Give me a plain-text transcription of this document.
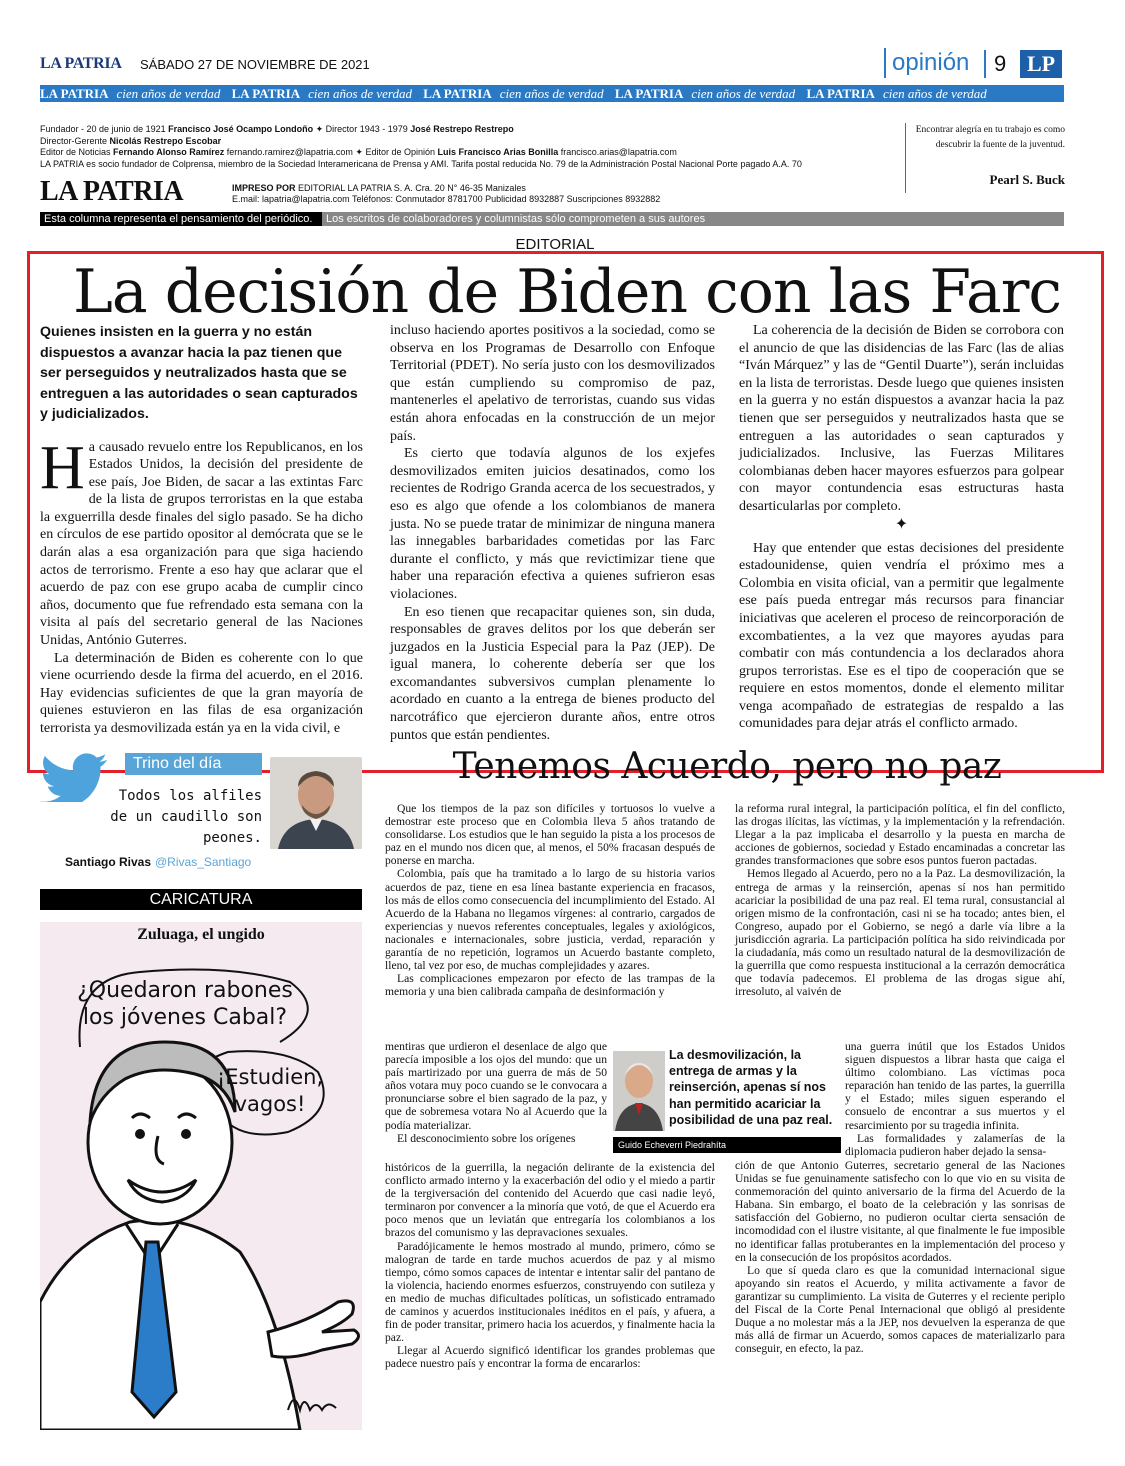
LA PATRIA SÁBADO 27 DE NOVIEMBRE DE 2021	opinión	9 LP
LA PATRIA cien años de verdad LA PATRIA cien años de verdad LA PATRIA cien años de verdad LA PATRIA cien años de verdad LA PATRIA cien años de verdad
Fundador - 20 de junio de 1921 Francisco José Ocampo Londoño ✦ Director 1943 - 1979 José Restrepo Restrepo
Director-Gerente Nicolás Restrepo Escobar
Editor de Noticias Fernando Alonso Ramírez fernando.ramirez@lapatria.com ✦ Editor de Opinión Luis Francisco Arias Bonilla francisco.arias@lapatria.com
LA PATRIA es socio fundador de Colprensa, miembro de la Sociedad Interamericana de Prensa y AMI. Tarifa postal reducida No. 79 de la Administración Postal Nacional Porte pagado A.A. 70
Encontrar alegría en tu trabajo es como descubrir la fuente de la juventud.
Pearl S. Buck
LA PATRIA	IMPRESO POR EDITORIAL LA PATRIA S. A. Cra. 20 N° 46-35 Manizales
E.mail: lapatria@lapatria.com Teléfonos: Conmutador 8781700 Publicidad 8932887 Suscripciones 8932882
Esta columna representa el pensamiento del periódico.	Los escritos de colaboradores y columnistas sólo comprometen a sus autores
EDITORIAL
La decisión de Biden con las Farc
Quienes insisten en la guerra y no están dispuestos a avanzar hacia la paz tienen que ser perseguidos y neutralizados hasta que se entreguen a las autoridades o sean capturados y judicializados.
Ha causado revuelo entre los Republicanos, en los Estados Unidos, la decisión del presidente de ese país, Joe Biden, de sacar a las extintas Farc de la lista de grupos terroristas en la que estaba la exguerrilla desde finales del siglo pasado. Se ha dicho en círculos de ese partido opositor al demócrata que se le darán alas a esa organización para que siga haciendo actos de terrorismo. Frente a eso hay que aclarar que el acuerdo de paz con ese grupo acaba de cumplir cinco años, documento que fue refrendado esta semana con la visita al país del secretario general de las Naciones Unidas, António Guterres.
La determinación de Biden es coherente con lo que viene ocurriendo desde la firma del acuerdo, en el 2016. Hay evidencias suficientes de que la gran mayoría de quienes estuvieron en las filas de esa organización terrorista ya desmovilizada están ya en la vida civil, e
incluso haciendo aportes positivos a la sociedad, como se observa en los Programas de Desarrollo con Enfoque Territorial (PDET). No sería justo con los desmovilizados que están cumpliendo su compromiso de paz, mantenerles el apelativo de terroristas, cuando sus vidas están ahora enfocadas en la construcción de un mejor país.
Es cierto que todavía algunos de los exjefes desmovilizados emiten juicios desatinados, como los recientes de Rodrigo Granda acerca de los secuestrados, y eso es algo que ofende a los colombianos de manera justa. No se puede tratar de minimizar de ninguna manera las innegables barbaridades cometidas por las Farc durante el conflicto, y más que revictimizar tiene que haber una reparación efectiva a quienes sufrieron esas violaciones.
En eso tienen que recapacitar quienes son, sin duda, responsables de graves delitos por los que deberán ser juzgados en la Justicia Especial para la Paz (JEP). De igual manera, lo coherente debería ser que los excomandantes subversivos cumplan plenamente lo acordado en cuanto a la entrega de bienes producto del narcotráfico que ejercieron durante años, entre otros puntos que están pendientes.
La coherencia de la decisión de Biden se corrobora con el anuncio de que las disidencias de las Farc (las de alias “Iván Márquez” y las de “Gentil Duarte”), serán incluidas en la lista de terroristas. Desde luego que quienes insisten en la guerra y no están dispuestos a avanzar hacia la paz tienen que ser perseguidos y neutralizados hasta que se entreguen a las autoridades o sean capturados y judicializados. Inclusive, las Fuerzas Militares colombianas deben hacer mayores esfuerzos para golpear con mayor contundencia esas estructuras hasta desarticularlas por completo.
✦
Hay que entender que estas decisiones del presidente estadounidense, quien vendría el próximo mes a Colombia en visita oficial, van a permitir que legalmente ese país pueda entregar más recursos para financiar iniciativas que aceleren el proceso de reincorporación de excombatientes, a la vez que mayores ayudas para combatir con más contundencia a los declarados ahora grupos terroristas. Ese es el tipo de cooperación que se requiere en estos momentos, donde el elemento militar venga acompañado de estrategias de respaldo a las comunidades para dejar atrás el conflicto armado.
Trino del día
Todos los alfiles de un caudillo son peones.
Santiago Rivas @Rivas_Santiago
CARICATURA
Zuluaga, el ungido
¿Quedaron rabones los jóvenes Cabal?
¡Estudien, vagos!
Tenemos Acuerdo, pero no paz
Que los tiempos de la paz son difíciles y tortuosos lo vuelve a demostrar este proceso que en Colombia lleva 5 años tratando de consolidarse. Los estudios que le han seguido la pista a los procesos de paz en el mundo nos dicen que, al menos, el 50% fracasan después de ponerse en marcha.
Colombia, país que ha tramitado a lo largo de su historia varios acuerdos de paz, tiene en esa línea bastante experiencia en fracasos, los más de ellos como consecuencia del incumplimiento del Estado. Al Acuerdo de la Habana no llegamos vírgenes: al contrario, cargados de experiencias y nuevos referentes conceptuales, legales y axiológicos, nacionales e internacionales, sobre justicia, verdad, reparación y garantía de no repetición, logramos un Acuerdo bastante completo, lleno, tal vez por eso, de muchas complejidades y azares.
Las complicaciones empezaron por efecto de las trampas de la memoria y una bien calibrada campaña de desinformación y
mentiras que urdieron el desenlace de algo que parecía imposible a los ojos del mundo: que un país martirizado por una guerra de más de 50 años votara muy poco cuando se le convocara a pronunciarse sobre el bien sagrado de la paz, y que de sobremesa votara No al Acuerdo que la podía materializar.
El desconocimiento sobre los orígenes
históricos de la guerrilla, la negación delirante de la existencia del conflicto armado interno y la exacerbación del odio y el miedo a partir de la tergiversación del contenido del Acuerdo que casi nadie leyó, terminaron por convencer a la minoría que votó, de que el Acuerdo era poco menos que un leviatán que entregaría los colombianos a los brazos del comunismo y las depravaciones sexuales.
Paradójicamente le hemos mostrado al mundo, primero, cómo se malogran de tarde en tarde muchos acuerdos de paz y al mismo tiempo, cómo somos capaces de intentar e intentar salir del pantano de la violencia, haciendo enormes esfuerzos, construyendo con sutileza y en medio de muchas dificultades políticas, un sofisticado entramado de caminos y acuerdos institucionales inéditos en el país, y afuera, a fin de poder transitar, primero hacia los acuerdos, y finalmente hacia la paz.
Llegar al Acuerdo significó identificar los grandes problemas que padece nuestro país y encontrar la forma de encararlos:
la reforma rural integral, la participación política, el fin del conflicto, las drogas ilícitas, las víctimas, y la implementación y la refrendación. Llegar a la paz implicaba el desarrollo y la puesta en marcha de acciones de gobiernos, sociedad y Estado encaminadas a concretar las grandes transformaciones que sobre esos puntos fueron pactadas.
Hemos llegado al Acuerdo, pero no a la Paz. La desmovilización, la entrega de armas y la reinserción, apenas sí nos han permitido acariciar la posibilidad de una paz real. El tema rural, consustancial al origen mismo de la confrontación, casi ni se ha tocado; antes bien, el Congreso, aupado por el Gobierno, se negó a darle vía libre a la jurisdicción agraria. La participación política ha sido reivindicada por la ciudadanía, más como un resultado natural de la desmovilización de la guerrilla que como respuesta institucional a la cerrazón democrática que todavía padecemos. El problema de las drogas sigue ahí, irresoluto, al vaivén de
una guerra inútil que los Estados Unidos siguen dispuestos a librar hasta que caiga el último colombiano. Las víctimas poca reparación han tenido de las partes, la guerrilla y el Estado; miles siguen esperando el consuelo de encontrar a sus muertos y el resarcimiento por su tragedia infinita.
Las formalidades y zalamerías de la diplomacia pudieron haber dejado la sensa-
ción de que Antonio Guterres, secretario general de las Naciones Unidas se fue genuinamente satisfecho con lo que vio en su visita de conmemoración del quinto aniversario de la firma del Acuerdo de la Habana. Sin embargo, el boato de la celebración y las sonrisas de satisfacción del Gobierno, no pudieron ocultar cierta sensación de incomodidad con el ilustre visitante, al que finalmente le fue imposible no identificar fallas protuberantes en la implementación del proceso y en la consecución de los propósitos acordados.
Lo que sí queda claro es que la comunidad internacional sigue apoyando sin reatos el Acuerdo, y milita activamente a favor de garantizar su cumplimiento. La visita de Guterres y el reciente periplo del Fiscal de la Corte Penal Internacional que obligó al presidente Duque a no molestar más a la JEP, nos devuelven la esperanza de que más allá de firmar un Acuerdo, somos capaces de materializarlo para conseguir, en efecto, la paz.
La desmovilización, la entrega de armas y la reinserción, apenas sí nos han permitido acariciar la posibilidad de una paz real.
Guido Echeverri Piedrahíta
